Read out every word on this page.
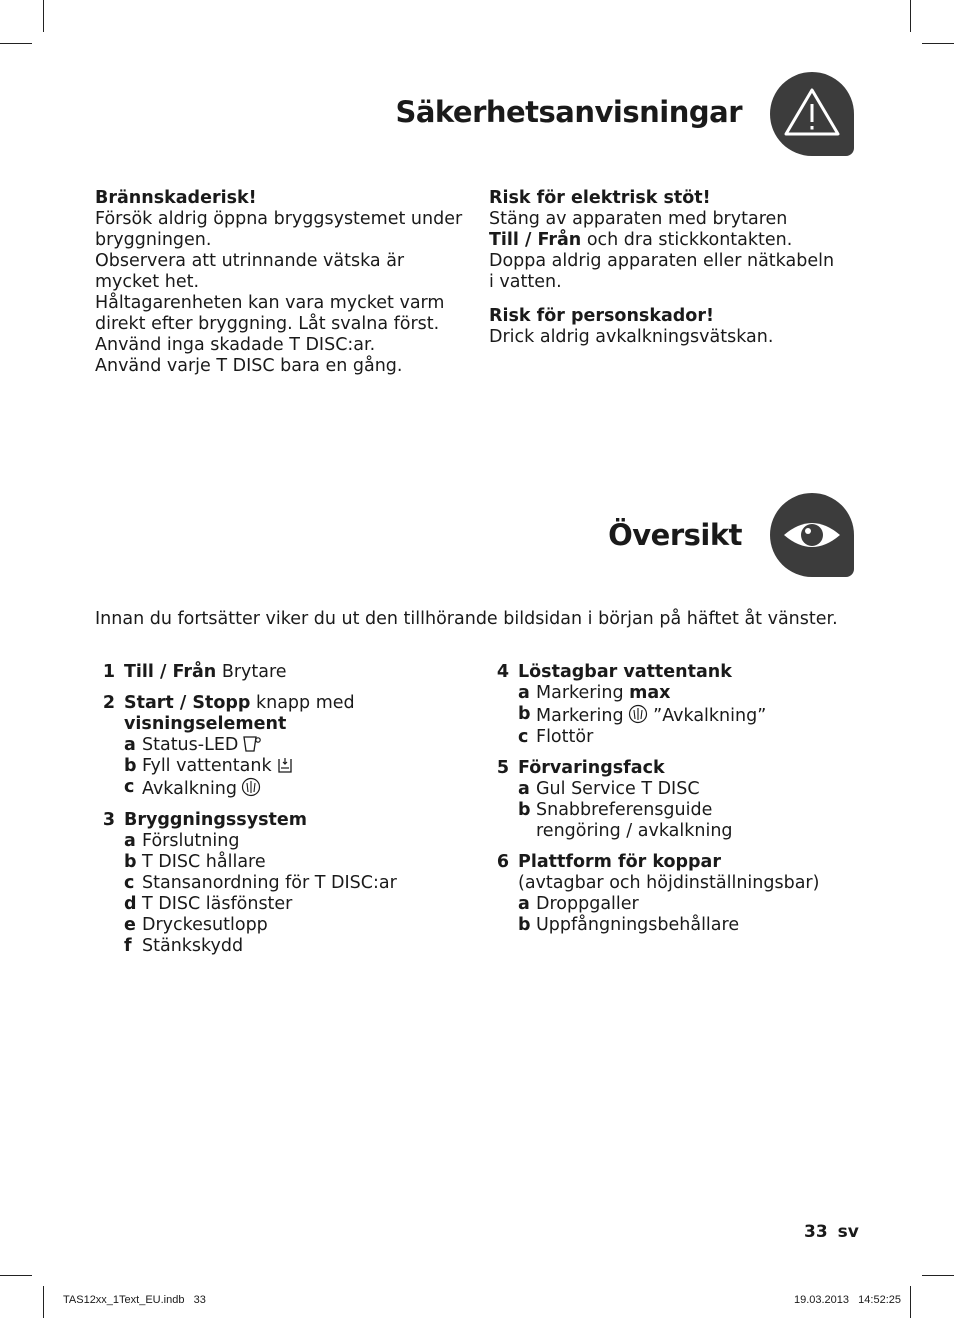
Säkerhetsanvisningar

Brännskaderisk!

Försök aldrig öppna bryggsystemet under

bryggningen.

Observera att utrinnande vätska är

mycket het.

Håltagarenheten kan vara mycket varm

direkt efter bryggning. Låt svalna först.

Använd inga skadade T DISC:ar.

Använd varje T DISC bara en gång.

Risk för elektrisk stöt!

Stäng av apparaten med brytaren

Till / Från och dra stickkontakten.

Doppa aldrig apparaten eller nätkabeln

i vatten.

Risk för personskador!

Drick aldrig avkalkningsvätskan.

Översikt
Innan du fortsätter viker du ut den tillhörande bildsidan i början på häftet åt vänster.
1 Till / Från Brytare
2 Start / Stopp knapp med
visningselement
a Status-LED
b Fyll vattentank
c Avkalkning
3 Bryggningssystem
a Förslutning
b T DISC hållare
c Stansanordning för T DISC:ar
d T DISC läsfönster
e Dryckesutlopp
f Stänkskydd
4 Löstagbar vattentank
a Markering max
b Markering ”Avkalkning”
c Flottör
5 Förvaringsfack
a Gul Service T DISC
b Snabbreferensguide
rengöring / avkalkning
6 Plattform för koppar
(avtagbar och höjdinställningsbar)
a Droppgaller
b Uppfångningsbehållare
33 sv
TAS12xx_1Text_EU.indb   33	19.03.2013   14:52:25
